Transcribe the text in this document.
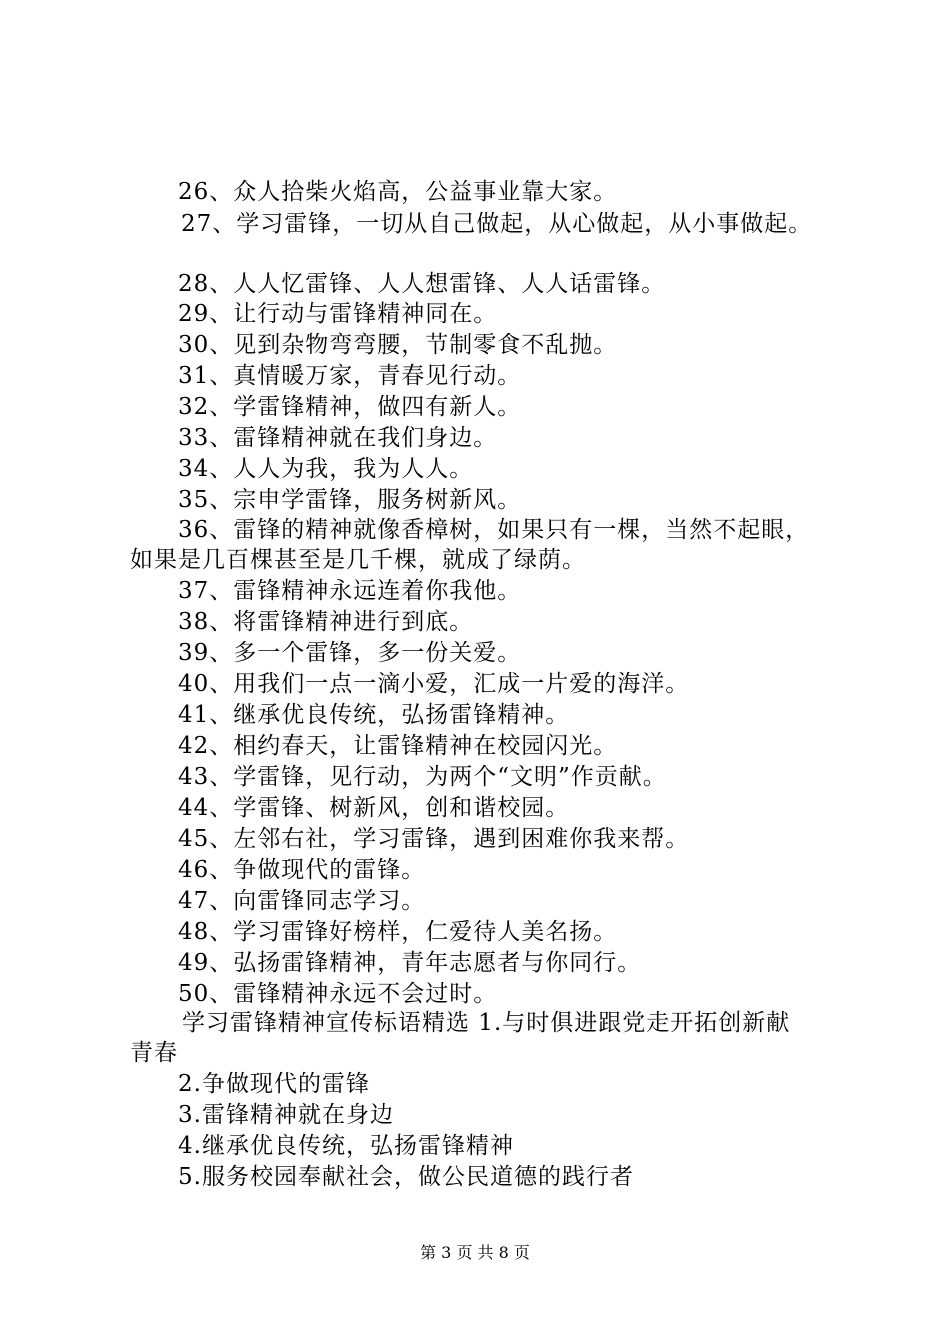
26、众人拾柴火焰高，公益事业靠大家。
27、学习雷锋，一切从自己做起，从心做起，从小事做起。
28、人人忆雷锋、人人想雷锋、人人话雷锋。
29、让行动与雷锋精神同在。
30、见到杂物弯弯腰，节制零食不乱抛。
31、真情暖万家，青春见行动。
32、学雷锋精神，做四有新人。
33、雷锋精神就在我们身边。
34、人人为我，我为人人。
35、宗申学雷锋，服务树新风。
36、雷锋的精神就像香樟树，如果只有一棵，当然不起眼，
如果是几百棵甚至是几千棵，就成了绿荫。
37、雷锋精神永远连着你我他。
38、将雷锋精神进行到底。
39、多一个雷锋，多一份关爱。
40、用我们一点一滴小爱，汇成一片爱的海洋。
41、继承优良传统，弘扬雷锋精神。
42、相约春天，让雷锋精神在校园闪光。
43、学雷锋，见行动，为两个“文明”作贡献。
44、学雷锋、树新风，创和谐校园。
45、左邻右社，学习雷锋，遇到困难你我来帮。
46、争做现代的雷锋。
47、向雷锋同志学习。
48、学习雷锋好榜样，仁爱待人美名扬。
49、弘扬雷锋精神，青年志愿者与你同行。
50、雷锋精神永远不会过时。
学习雷锋精神宣传标语精选 1.与时俱进跟党走开拓创新献
青春
2.争做现代的雷锋
3.雷锋精神就在身边
4.继承优良传统，弘扬雷锋精神
5.服务校园奉献社会，做公民道德的践行者
第 3 页 共 8 页
